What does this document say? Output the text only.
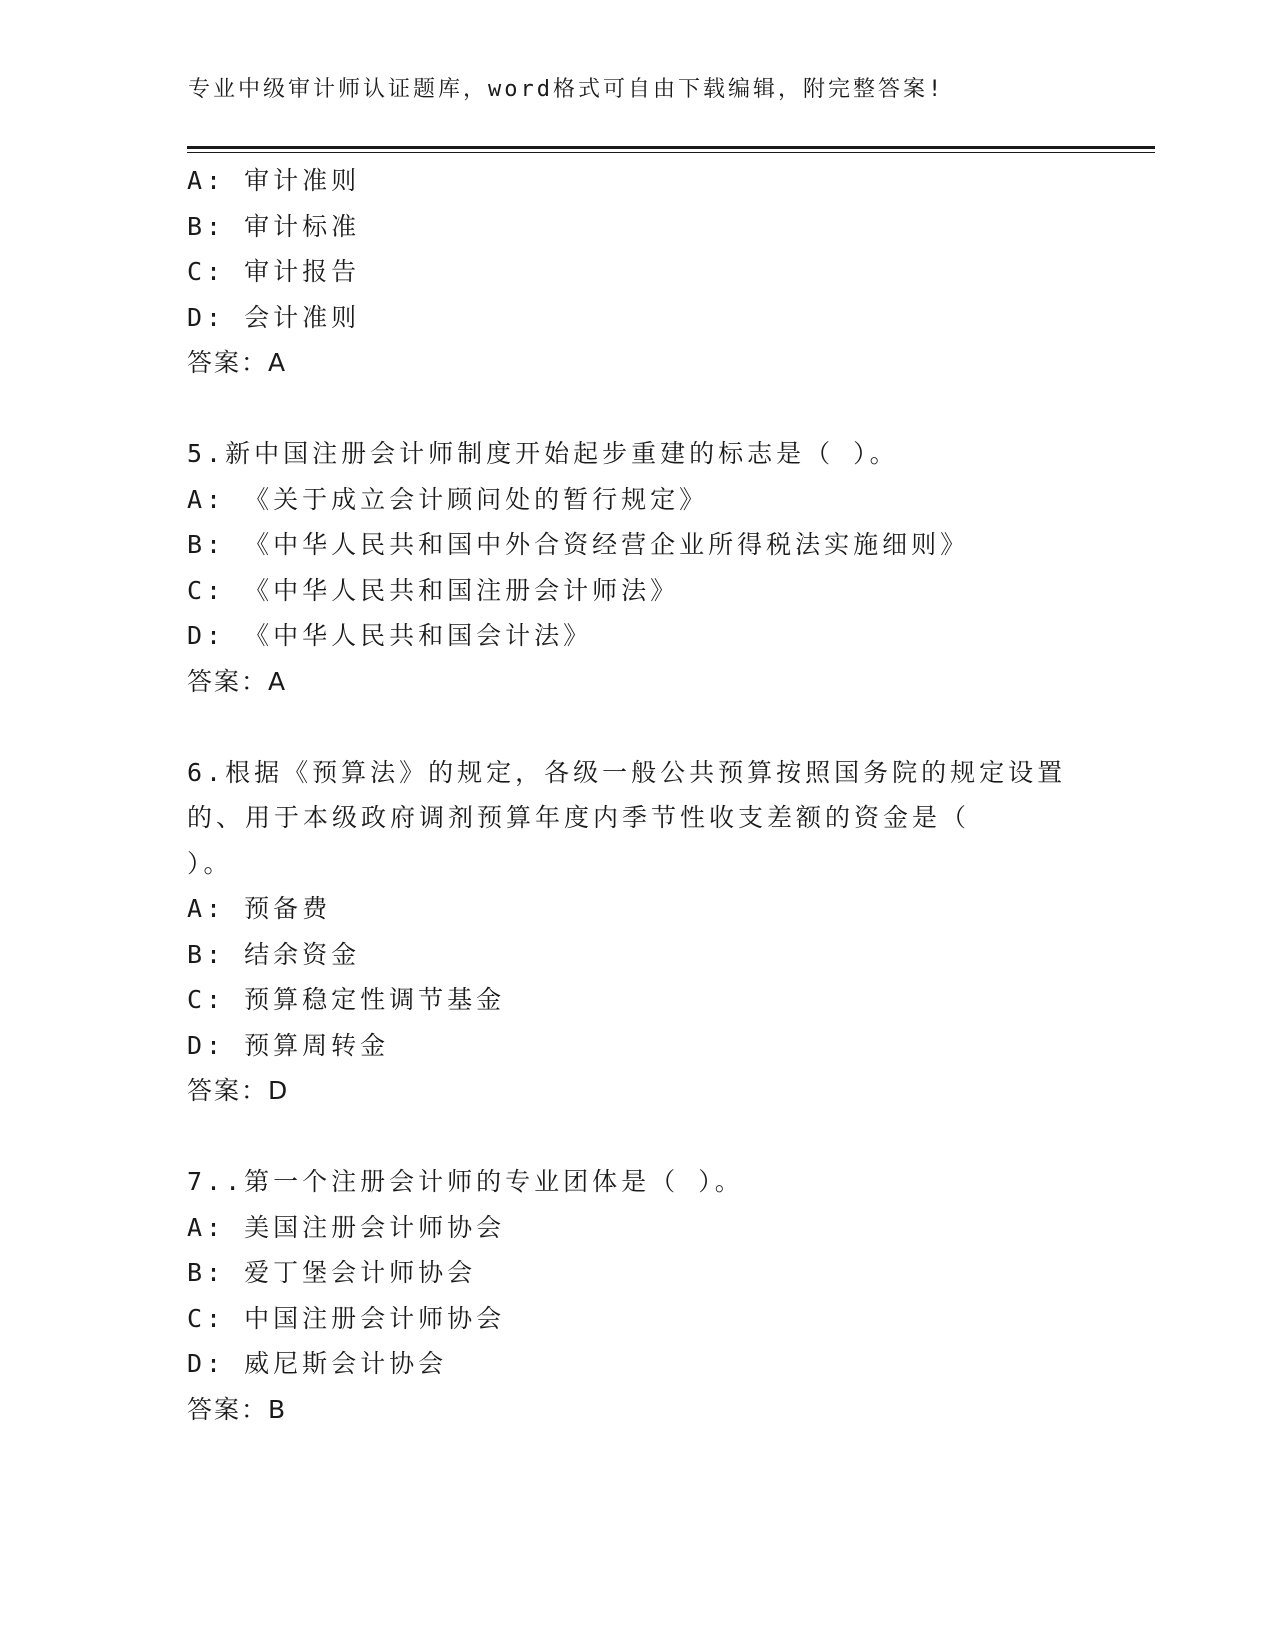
专业中级审计师认证题库，word格式可自由下载编辑，附完整答案!
A: 审计准则
B: 审计标准
C: 审计报告
D: 会计准则
答案：A
5.新中国注册会计师制度开始起步重建的标志是（ ）。
A: 《关于成立会计顾问处的暂行规定》
B: 《中华人民共和国中外合资经营企业所得税法实施细则》
C: 《中华人民共和国注册会计师法》
D: 《中华人民共和国会计法》
答案：A
6.根据《预算法》的规定，各级一般公共预算按照国务院的规定设置
的、用于本级政府调剂预算年度内季节性收支差额的资金是（
）。
A: 预备费
B: 结余资金
C: 预算稳定性调节基金
D: 预算周转金
答案：D
7..第一个注册会计师的专业团体是（ ）。
A: 美国注册会计师协会
B: 爱丁堡会计师协会
C: 中国注册会计师协会
D: 威尼斯会计协会
答案：B
